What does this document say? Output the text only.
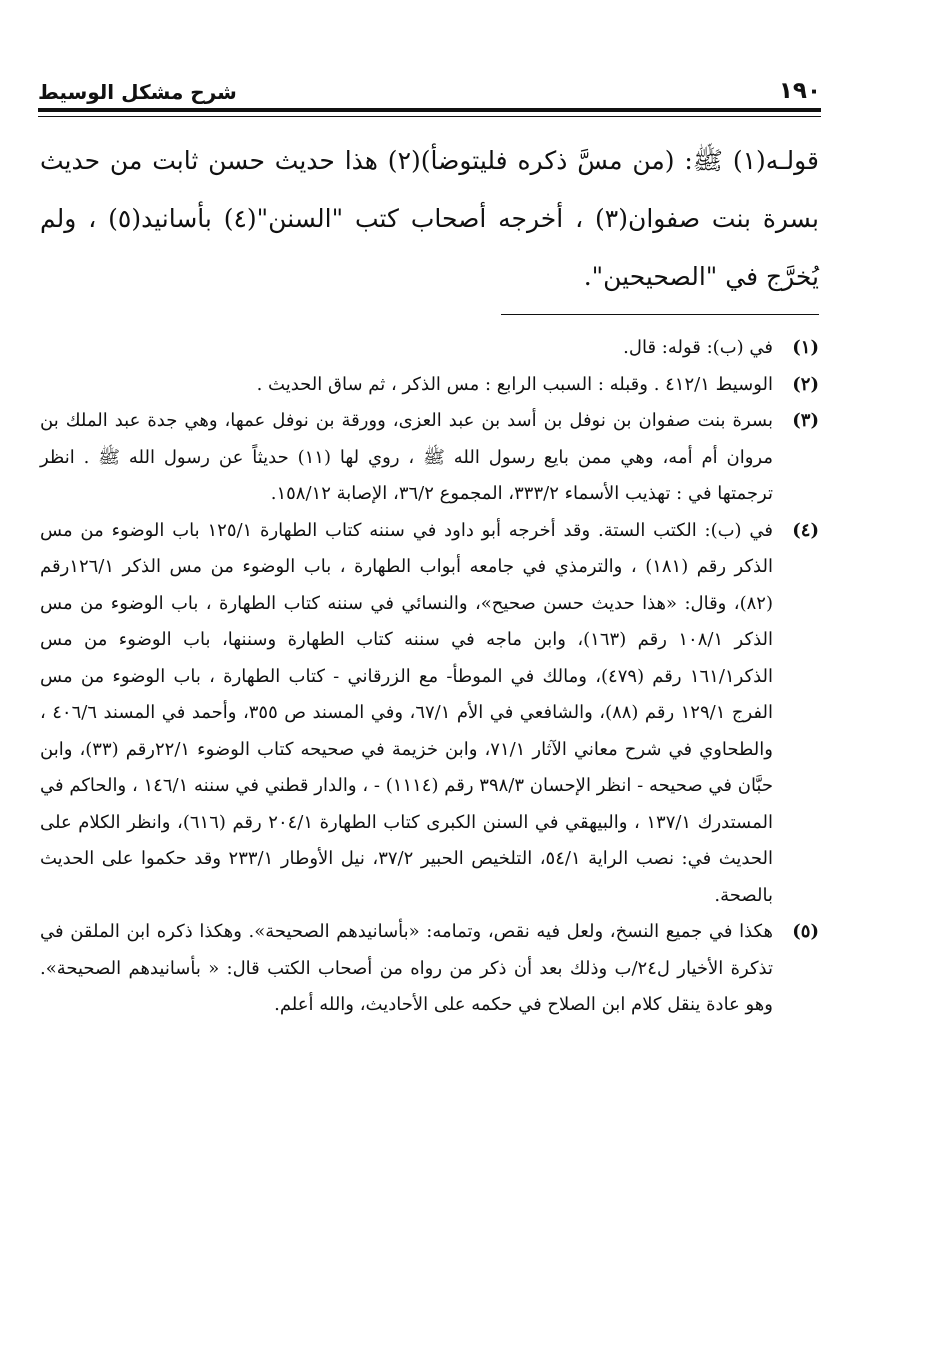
١٩٠
شرح مشكل الوسيط

قولـه(١) ﷺ: (من مسَّ ذكره فليتوضأ)(٢) هذا حديث حسن ثابت من حديث بسرة بنت صفوان(٣) ، أخرجه أصحاب كتب "السنن"(٤) بأسانيد(٥) ، ولم يُخرَّج في "الصحيحين".

(١)
في (ب): قوله: قال.
(٢)
الوسيط ٤١٢/١ . وقبله : السبب الرابع : مس الذكر ، ثم ساق الحديث .
(٣)
بسرة بنت صفوان بن نوفل بن أسد بن عبد العزى، وورقة بن نوفل عمها، وهي جدة عبد الملك بن مروان أم أمه، وهي ممن بايع رسول الله ﷺ ، روي لها (١١) حديثاً عن رسول الله ﷺ . انظر ترجمتها في : تهذيب الأسماء ٣٣٣/٢، المجموع ٣٦/٢، الإصابة ١٥٨/١٢.
(٤)
في (ب): الكتب الستة. وقد أخرجه أبو داود في سننه كتاب الطهارة ١٢٥/١ باب الوضوء من مس الذكر رقم (١٨١) ، والترمذي في جامعه أبواب الطهارة ، باب الوضوء من مس الذكر ١٢٦/١رقم (٨٢)، وقال: «هذا حديث حسن صحيح»، والنسائي في سننه كتاب الطهارة ، باب الوضوء من مس الذكر ١٠٨/١ رقم (١٦٣)، وابن ماجه في سننه كتاب الطهارة وسننها، باب الوضوء من مس الذكر١٦١/١ رقم (٤٧٩)، ومالك في الموطأ- مع الزرقاني - كتاب الطهارة ، باب الوضوء من مس الفرج ١٢٩/١ رقم (٨٨)، والشافعي في الأم ٦٧/١، وفي المسند ص ٣٥٥، وأحمد في المسند ٤٠٦/٦ ، والطحاوي في شرح معاني الآثار ٧١/١، وابن خزيمة في صحيحه كتاب الوضوء ٢٢/١رقم (٣٣)، وابن حبَّان في صحيحه - انظر الإحسان ٣٩٨/٣ رقم (١١١٤) - ، والدار قطني في سننه ١٤٦/١ ، والحاكم في المستدرك ١٣٧/١ ، والبيهقي في السنن الكبرى كتاب الطهارة ٢٠٤/١ رقم (٦١٦)، وانظر الكلام على الحديث في: نصب الراية ٥٤/١، التلخيص الحبير ٣٧/٢، نيل الأوطار ٢٣٣/١ وقد حكموا على الحديث بالصحة.
(٥)
هكذا في جميع النسخ، ولعل فيه نقص، وتمامه: «بأسانيدهم الصحيحة». وهكذا ذكره ابن الملقن في تذكرة الأخيار ل٢٤/ب وذلك بعد أن ذكر من رواه من أصحاب الكتب قال: « بأسانيدهم الصحيحة». وهو عادة ينقل كلام ابن الصلاح في حكمه على الأحاديث، والله أعلم.
